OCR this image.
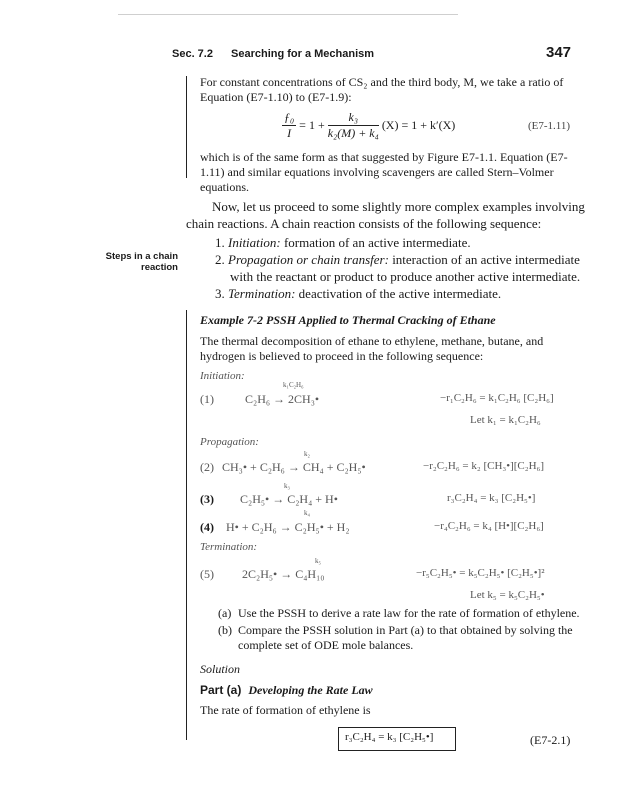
Sec. 7.2 Searching for a Mechanism	347
For constant concentrations of CS₂ and the third body, M, we take a ratio of Equation (E7-1.10) to (E7-1.9):
$\frac{\text{ƒ₀}}{I} = 1 + \frac{\text{k₃}}{\text{k₂(M) + k₄}} (X) = 1 + k'(X)$	(E7-1.11)
which is of the same form as that suggested by Figure E7-1.1. Equation (E7-1.11) and similar equations involving scavengers are called Stern–Volmer equations.
Now, let us proceed to some slightly more complex examples involving chain reactions. A chain reaction consists of the following sequence:
Steps in a chain
reaction
1. Initiation: formation of an active intermediate.
2. Propagation or chain transfer: interaction of an active intermediate
with the reactant or product to produce another active intermediate.
3. Termination: deactivation of the active intermediate.
Example 7-2 PSSH Applied to Thermal Cracking of Ethane
The thermal decomposition of ethane to ethylene, methane, butane, and hydrogen is believed to proceed in the following sequence:
Initiation:
(1)	C₂H₆ → 2CH₃•
k₁C₂H₆
−r₁C₂H₆ = k₁C₂H₆ [C₂H₆]
Let k₁ = k₁C₂H₆
Propagation:
(2) CH₃• + C₂H₆ → CH₄ + C₂H₅•
k₂
−r₂C₂H₆ = k₂ [CH₃•][C₂H₆]
(3) C₂H₅• → C₂H₄ + H•
k₃
r₃C₂H₄ = k₃ [C₂H₅•]
(4) H• + C₂H₆ → C₂H₅• + H₂
k₄
−r₄C₂H₆ = k₄ [H•][C₂H₆]
Termination:
(5) 2C₂H₅• → C₄H₁₀
k₅
−r₅C₂H₅• = k₅C₂H₅• [C₂H₅•]²
Let k₅ = k₅C₂H₅•
(a) Use the PSSH to derive a rate law for the rate of formation of ethylene.
(b) Compare the PSSH solution in Part (a) to that obtained by solving the complete set of ODE mole balances.
Solution
Part (a) Developing the Rate Law
The rate of formation of ethylene is
r₃C₂H₄ = k₃ [C₂H₅•]	(E7-2.1)
